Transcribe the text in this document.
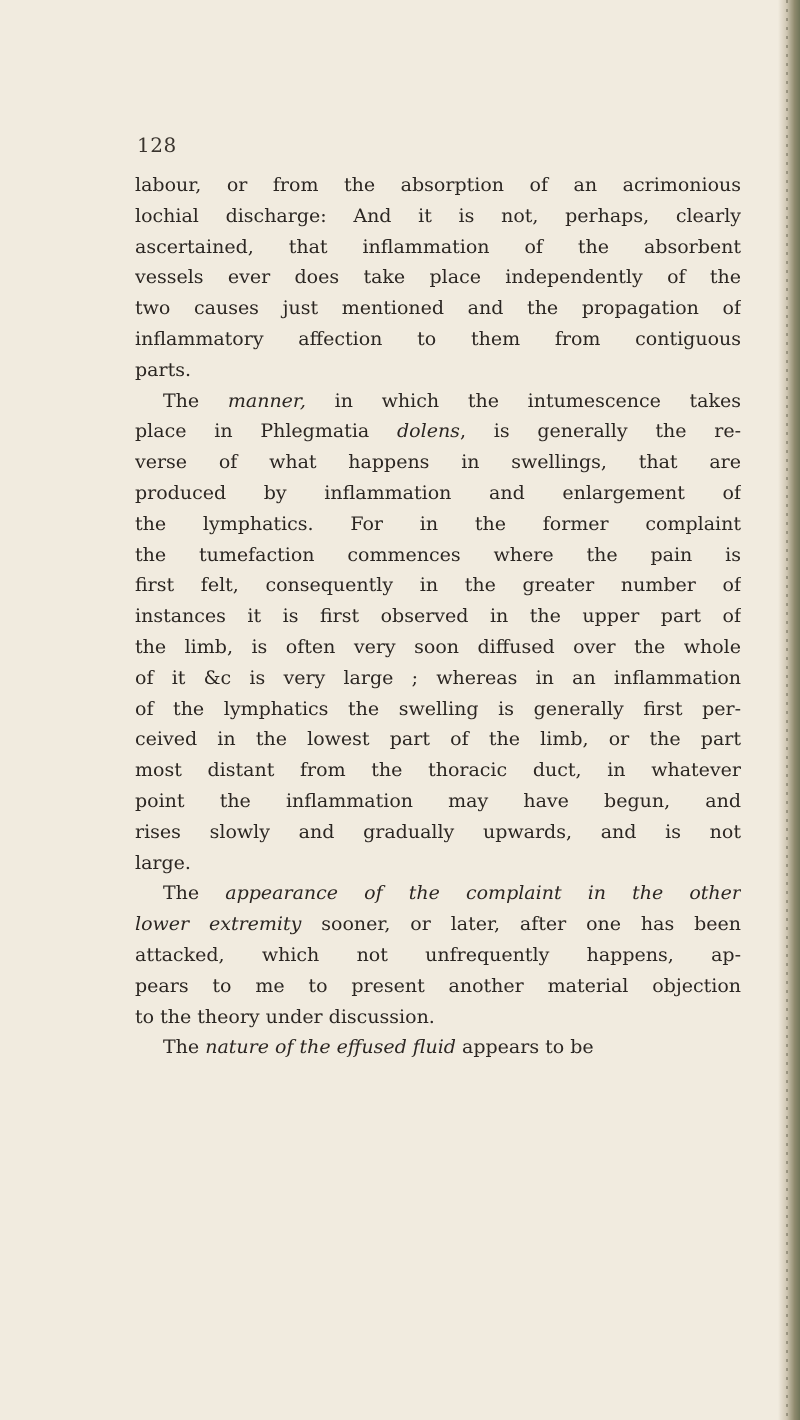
128
labour, or from the absorption of an acrimonious
lochial discharge: And it is not, perhaps, clearly
ascertained, that inflammation of the absorbent
vessels ever does take place independently of the
two causes just mentioned and the propagation of
inflammatory affection to them from contiguous
parts.
The manner, in which the intumescence takes
place in Phlegmatia dolens, is generally the re-
verse of what happens in swellings, that are
produced by inflammation and enlargement of
the lymphatics. For in the former complaint
the tumefaction commences where the pain is
first felt, consequently in the greater number of
instances it is first observed in the upper part of
the limb, is often very soon diffused over the whole
of it &c is very large ; whereas in an inflammation
of the lymphatics the swelling is generally first per-
ceived in the lowest part of the limb, or the part
most distant from the thoracic duct, in whatever
point the inflammation may have begun, and
rises slowly and gradually upwards, and is not
large.
The appearance of the complaint in the other
lower extremity sooner, or later, after one has been
attacked, which not unfrequently happens, ap-
pears to me to present another material objection
to the theory under discussion.
The nature of the effused fluid appears to be
